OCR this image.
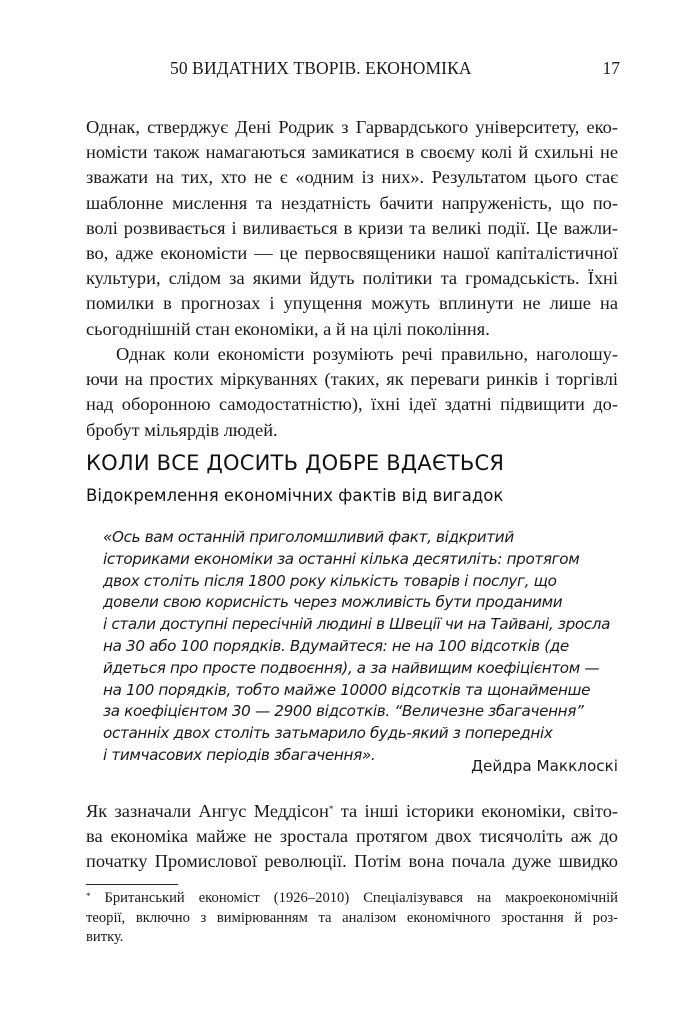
50 ВИДАТНИХ ТВОРІВ. ЕКОНОМІКА	17
Однак, стверджує Дені Родрик з Гарвардського університету, еко-
номісти також намагаються замикатися в своєму колі й схильні не
зважати на тих, хто не є «одним із них». Результатом цього стає
шаблонне мислення та нездатність бачити напруженість, що по-
волі розвивається і виливається в кризи та великі події. Це важли-
во, адже економісти — це первосвященики нашої капіталістичної
культури, слідом за якими йдуть політики та громадськість. Їхні
помилки в прогнозах і упущення можуть вплинути не лише на
сьогоднішній стан економіки, а й на цілі покоління.
Однак коли економісти розуміють речі правильно, наголошу-
ючи на простих міркуваннях (таких, як переваги ринків і торгівлі
над оборонною самодостатністю), їхні ідеї здатні підвищити до-
бробут мільярдів людей.
КОЛИ ВСЕ ДОСИТЬ ДОБРЕ ВДАЄТЬСЯ
Відокремлення економічних фактів від вигадок
«Ось вам останній приголомшливий факт, відкритий
істориками економіки за останні кілька десятиліть: протягом
двох століть після 1800 року кількість товарів і послуг, що
довели свою корисність через можливість бути проданими
і стали доступні пересічній людині в Швеції чи на Тайвані, зросла
на 30 або 100 порядків. Вдумайтеся: не на 100 відсотків (де
йдеться про просте подвоєння), а за найвищим коефіцієнтом —
на 100 порядків, тобто майже 10000 відсотків та щонайменше
за коефіцієнтом 30 — 2900 відсотків. “Величезне збагачення”
останніх двох століть затьмарило будь-який з попередніх
і тимчасових періодів збагачення».
Дейдра Макклоскі
Як зазначали Ангус Меддісон* та інші історики економіки, світо-
ва економіка майже не зростала протягом двох тисячоліть аж до
початку Промислової революції. Потім вона почала дуже швидко
* Британський економіст (1926–2010) Спеціалізувався на макроекономічній
теорії, включно з вимірюванням та аналізом економічного зростання й роз-
витку.
